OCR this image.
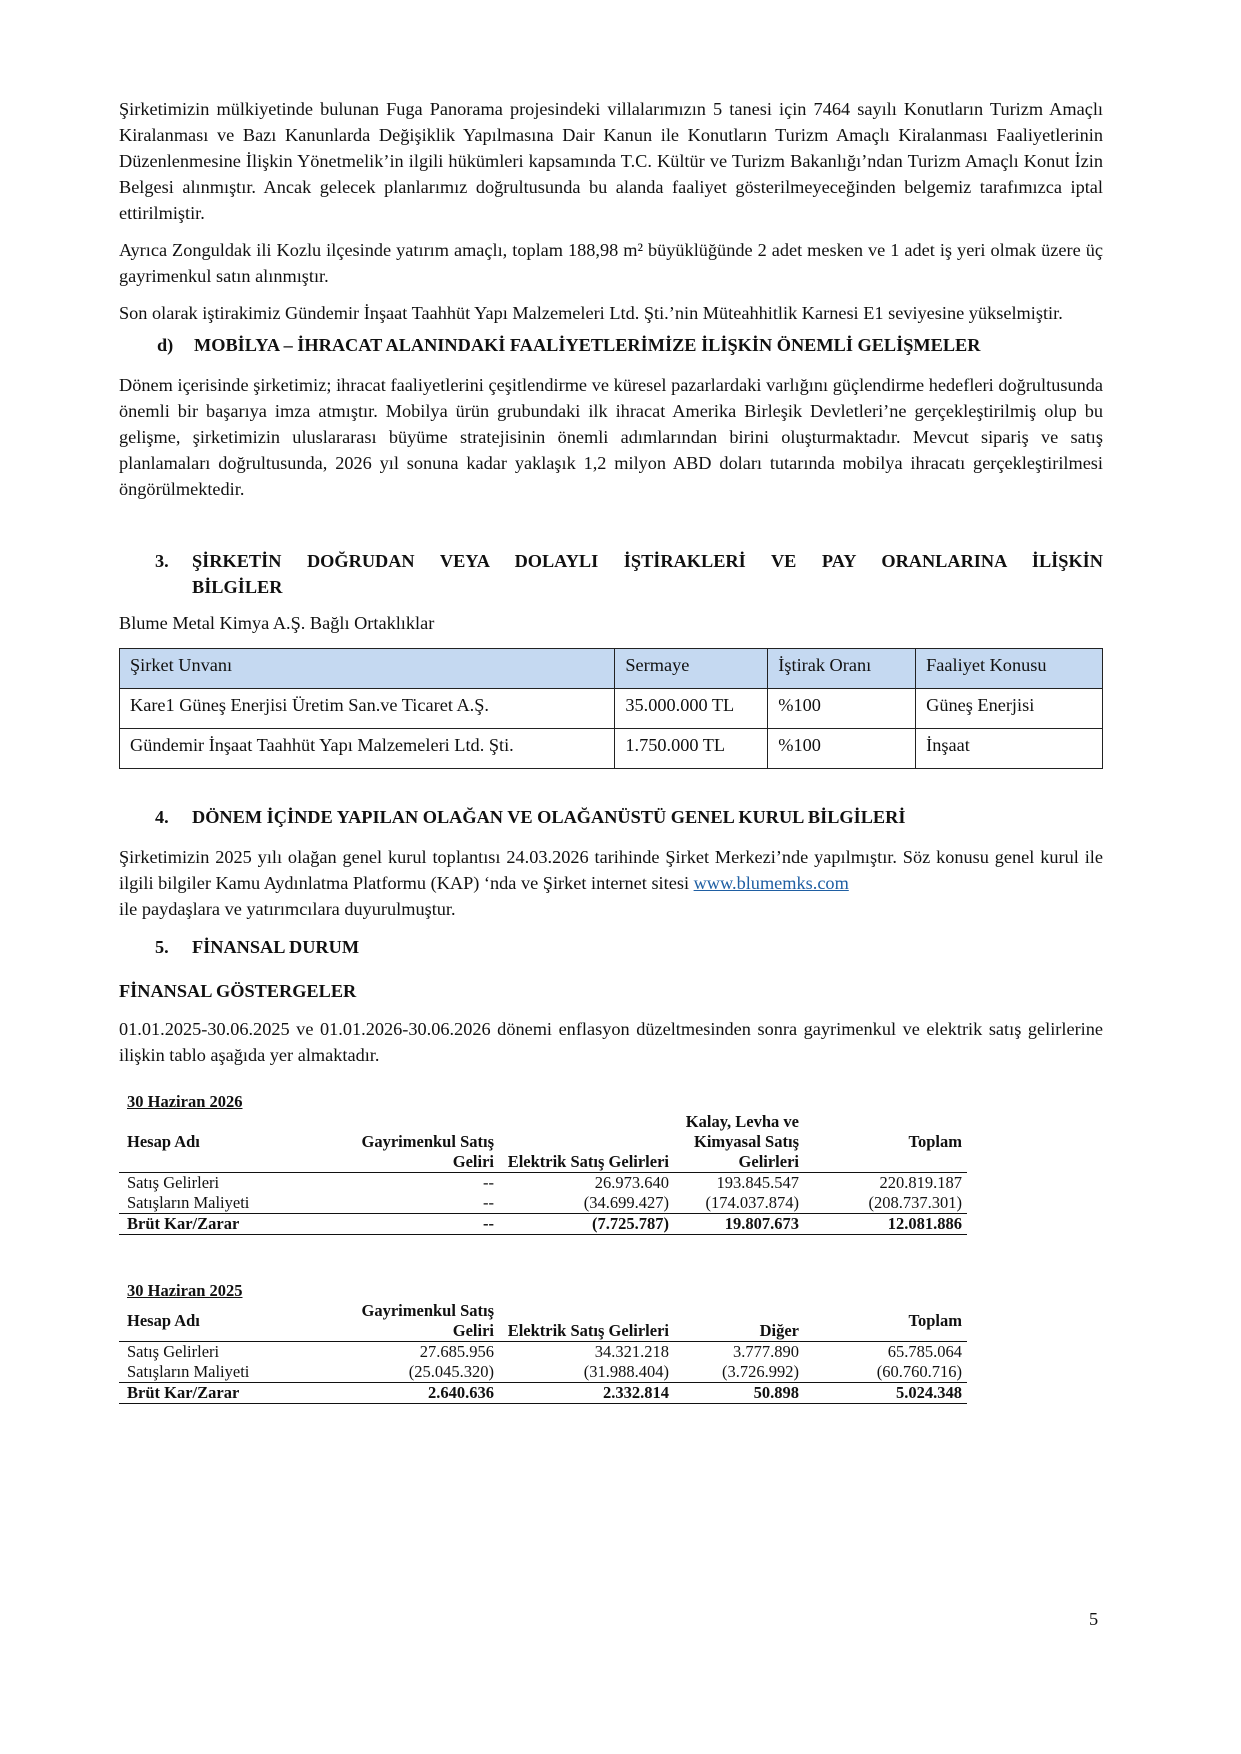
Şirketimizin mülkiyetinde bulunan Fuga Panorama projesindeki villalarımızın 5 tanesi için 7464 sayılı Konutların Turizm Amaçlı Kiralanması ve Bazı Kanunlarda Değişiklik Yapılmasına Dair Kanun ile Konutların Turizm Amaçlı Kiralanması Faaliyetlerinin Düzenlenmesine İlişkin Yönetmelik’in ilgili hükümleri kapsamında T.C. Kültür ve Turizm Bakanlığı’ndan Turizm Amaçlı Konut İzin Belgesi alınmıştır. Ancak gelecek planlarımız doğrultusunda bu alanda faaliyet gösterilmeyeceğinden belgemiz tarafımızca iptal ettirilmiştir.

Ayrıca Zonguldak ili Kozlu ilçesinde yatırım amaçlı, toplam 188,98 m² büyüklüğünde 2 adet mesken ve 1 adet iş yeri olmak üzere üç gayrimenkul satın alınmıştır.

Son olarak iştirakimiz Gündemir İnşaat Taahhüt Yapı Malzemeleri Ltd. Şti.’nin Müteahhitlik Karnesi E1 seviyesine yükselmiştir.

d) MOBİLYA – İHRACAT ALANINDAKİ FAALİYETLERİMİZE İLİŞKİN ÖNEMLİ GELİŞMELER

Dönem içerisinde şirketimiz; ihracat faaliyetlerini çeşitlendirme ve küresel pazarlardaki varlığını güçlendirme hedefleri doğrultusunda önemli bir başarıya imza atmıştır. Mobilya ürün grubundaki ilk ihracat Amerika Birleşik Devletleri’ne gerçekleştirilmiş olup bu gelişme, şirketimizin uluslararası büyüme stratejisinin önemli adımlarından birini oluşturmaktadır. Mevcut sipariş ve satış planlamaları doğrultusunda, 2026 yıl sonuna kadar yaklaşık 1,2 milyon ABD doları tutarında mobilya ihracatı gerçekleştirilmesi öngörülmektedir.

3.	ŞİRKETİN DOĞRUDAN VEYA DOLAYLI İŞTİRAKLERİ VE PAY ORANLARINA İLİŞKİN
BİLGİLER

Blume Metal Kimya A.Ş. Bağlı Ortaklıklar

Şirket Unvanı	Sermaye	İştirak Oranı	Faaliyet Konusu
Kare1 Güneş Enerjisi Üretim San.ve Ticaret A.Ş.	35.000.000 TL	%100	Güneş Enerjisi
Gündemir İnşaat Taahhüt Yapı Malzemeleri Ltd. Şti.	1.750.000 TL	%100	İnşaat
4. DÖNEM İÇİNDE YAPILAN OLAĞAN VE OLAĞANÜSTÜ GENEL KURUL BİLGİLERİ

Şirketimizin 2025 yılı olağan genel kurul toplantısı 24.03.2026 tarihinde Şirket Merkezi’nde yapılmıştır. Söz konusu genel kurul ile ilgili bilgiler Kamu Aydınlatma Platformu (KAP) ‘nda ve Şirket internet sitesi www.blumemks.com
ile paydaşlara ve yatırımcılara duyurulmuştur.

5. FİNANSAL DURUM
FİNANSAL GÖSTERGELER

01.01.2025-30.06.2025 ve 01.01.2026-30.06.2026 dönemi enflasyon düzeltmesinden sonra gayrimenkul ve elektrik satış gelirlerine ilişkin tablo aşağıda yer almaktadır.

30 Haziran 2026
Hesap Adı	Gayrimenkul Satış Geliri	Elektrik Satış Gelirleri	Kalay, Levha ve Kimyasal Satış Gelirleri	Toplam
Satış Gelirleri	--	26.973.640	193.845.547	220.819.187
Satışların Maliyeti	--	(34.699.427)	(174.037.874)	(208.737.301)
Brüt Kar/Zarar	--	(7.725.787)	19.807.673	12.081.886
30 Haziran 2025
Hesap Adı	Gayrimenkul Satış Geliri	Elektrik Satış Gelirleri	Diğer	Toplam
Satış Gelirleri	27.685.956	34.321.218	3.777.890	65.785.064
Satışların Maliyeti	(25.045.320)	(31.988.404)	(3.726.992)	(60.760.716)
Brüt Kar/Zarar	2.640.636	2.332.814	50.898	5.024.348
5
